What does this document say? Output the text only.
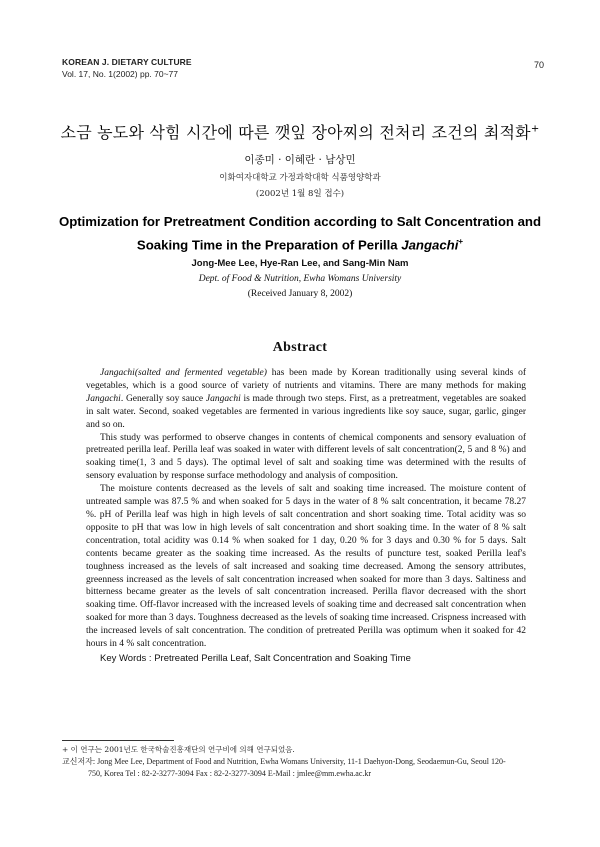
KOREAN J. DIETARY CULTURE
Vol. 17, No. 1(2002) pp. 70~77
70
소금 농도와 삭힘 시간에 따른 깻잎 장아찌의 전처리 조건의 최적화+
이종미 · 이혜란 · 남상민
이화여자대학교 가정과학대학 식품영양학과
(2002년 1월 8일 접수)
Optimization for Pretreatment Condition according to Salt Concentration and
Soaking Time in the Preparation of Perilla Jangachi+
Jong-Mee Lee, Hye-Ran Lee, and Sang-Min Nam
Dept. of Food & Nutrition, Ewha Womans University
(Received January 8, 2002)
Abstract

Jangachi(salted and fermented vegetable) has been made by Korean traditionally using several kinds of vegetables, which is a good source of variety of nutrients and vitamins. There are many methods for making Jangachi. Generally soy sauce Jangachi is made through two steps. First, as a pretreatment, vegetables are soaked in salt water. Second, soaked vegetables are fermented in various ingredients like soy sauce, sugar, garlic, ginger and so on.

This study was performed to observe changes in contents of chemical components and sensory evaluation of pretreated perilla leaf. Perilla leaf was soaked in water with different levels of salt concentration(2, 5 and 8 %) and soaking time(1, 3 and 5 days). The optimal level of salt and soaking time was determined with the results of sensory evaluation by response surface methodology and analysis of composition.

The moisture contents decreased as the levels of salt and soaking time increased. The moisture content of untreated sample was 87.5 % and when soaked for 5 days in the water of 8 % salt concentration, it became 78.27 %. pH of Perilla leaf was high in high levels of salt concentration and short soaking time. Total acidity was so opposite to pH that was low in high levels of salt concentration and short soaking time. In the water of 8 % salt concentration, total acidity was 0.14 % when soaked for 1 day, 0.20 % for 3 days and 0.30 % for 5 days. Salt contents became greater as the soaking time increased. As the results of puncture test, soaked Perilla leaf's toughness increased as the levels of salt increased and soaking time decreased. Among the sensory attributes, greenness increased as the levels of salt concentration increased when soaked for more than 3 days. Saltiness and bitterness became greater as the levels of salt concentration increased. Perilla flavor decreased with the short soaking time. Off-flavor increased with the increased levels of soaking time and decreased salt concentration when soaked for more than 3 days. Toughness decreased as the levels of soaking time increased. Crispness increased with the increased levels of salt concentration. The condition of pretreated Perilla was optimum when it soaked for 42 hours in 4 % salt concentration.

Key Words : Pretreated Perilla Leaf, Salt Concentration and Soaking Time
+ 이 연구는 2001년도 한국학술진흥재단의 연구비에 의해 연구되었음.
교신저자: Jong Mee Lee, Department of Food and Nutrition, Ewha Womans University, 11-1 Daehyon-Dong, Seodaemun-Gu, Seoul 120-
750, Korea Tel : 82-2-3277-3094 Fax : 82-2-3277-3094 E-Mail : jmlee@mm.ewha.ac.kr
